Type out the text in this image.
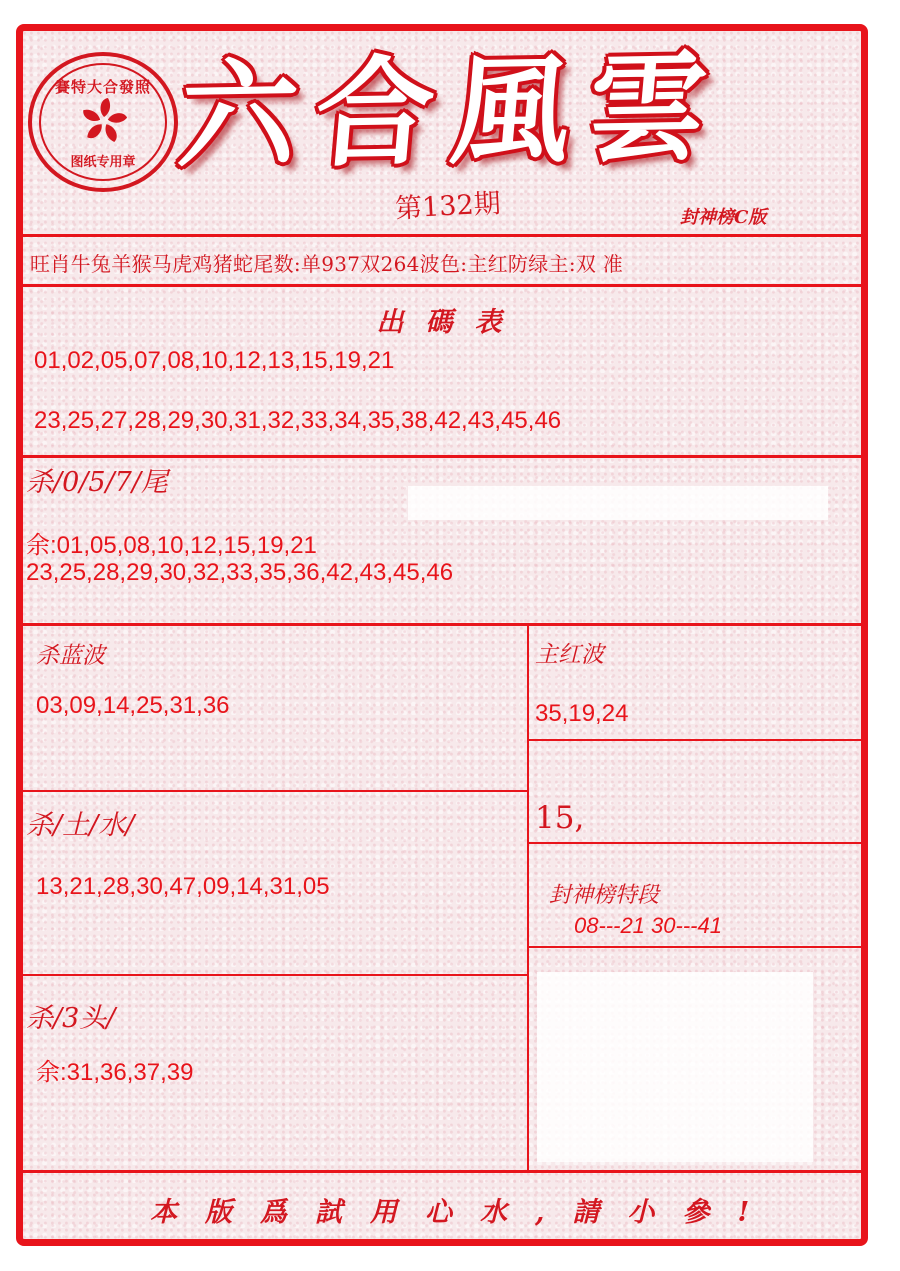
賽特大合發照
图纸专用章 六合風雲
第132期	封神榜C版
旺肖牛兔羊猴马虎鸡猪蛇尾数:单937双264波色:主红防绿主:双 准
出碼表
01,02,05,07,08,10,12,13,15,19,21
23,25,27,28,29,30,31,32,33,34,35,38,42,43,45,46
杀/0/5/7/尾
余:01,05,08,10,12,15,19,21
23,25,28,29,30,32,33,35,36,42,43,45,46
杀蓝波
03,09,14,25,31,36
主红波
35,19,24
15,
杀/土/水/
13,21,28,30,47,09,14,31,05	封神榜特段
08---21 30---41
杀/3头/
余:31,36,37,39
本版爲試用心水,請小參!
